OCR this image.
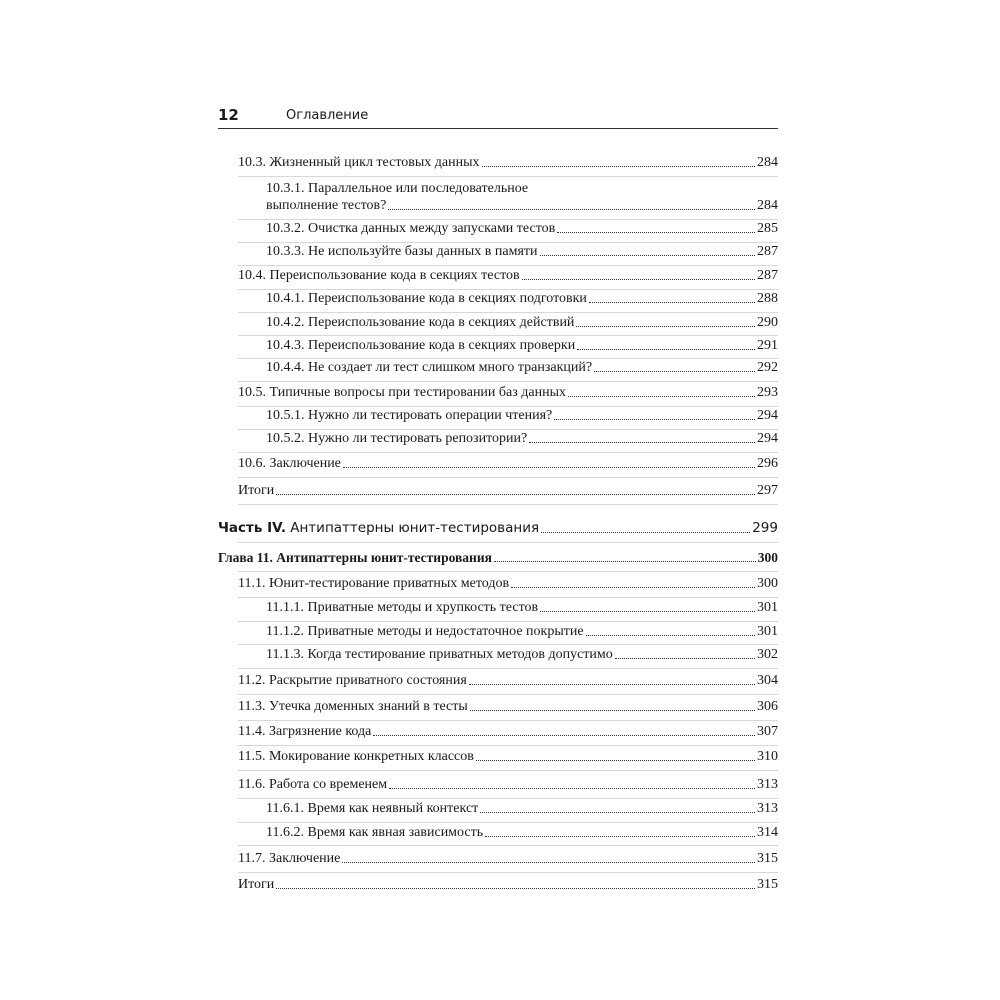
12	Оглавление
10.3. Жизненный цикл тестовых данных	284
10.3.1. Параллельное или последовательное
выполнение тестов?	284
10.3.2. Очистка данных между запусками тестов	285
10.3.3. Не используйте базы данных в памяти	287
10.4. Переиспользование кода в секциях тестов	287
10.4.1. Переиспользование кода в секциях подготовки	288
10.4.2. Переиспользование кода в секциях действий	290
10.4.3. Переиспользование кода в секциях проверки	291
10.4.4. Не создает ли тест слишком много транзакций?	292
10.5. Типичные вопросы при тестировании баз данных	293
10.5.1. Нужно ли тестировать операции чтения?	294
10.5.2. Нужно ли тестировать репозитории?	294
10.6. Заключение	296
Итоги	297
Часть IV. Антипаттерны юнит-тестирования	299
Глава 11. Антипаттерны юнит-тестирования	300
11.1. Юнит-тестирование приватных методов	300
11.1.1. Приватные методы и хрупкость тестов	301
11.1.2. Приватные методы и недостаточное покрытие	301
11.1.3. Когда тестирование приватных методов допустимо	302
11.2. Раскрытие приватного состояния	304
11.3. Утечка доменных знаний в тесты	306
11.4. Загрязнение кода	307
11.5. Мокирование конкретных классов	310
11.6. Работа со временем	313
11.6.1. Время как неявный контекст	313
11.6.2. Время как явная зависимость	314
11.7. Заключение	315
Итоги	315
